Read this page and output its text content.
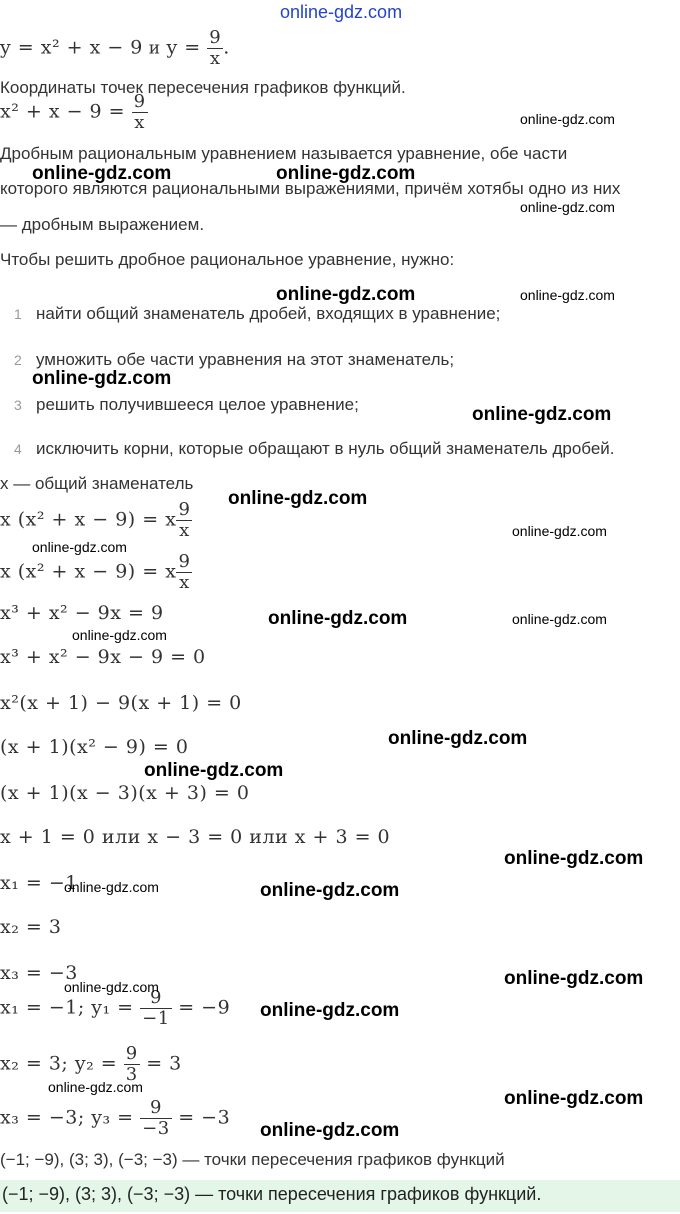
online-gdz.com
y = x² + x − 9 и $y = \frac{9}{x}$ .
Координаты точек пересечения графиков функций.
$x^2 + x - 9 = \frac{9}{x}$
Дробным рациональным уравнением называется уравнение, обе части
которого являются рациональными выражениями, причём хотябы одно из них
— дробным выражением.
Чтобы решить дробное рациональное уравнение, нужно:
1 найти общий знаменатель дробей, входящих в уравнение;
2 умножить обе части уравнения на этот знаменатель;
3 решить получившееся целое уравнение;
4 исключить корни, которые обращают в нуль общий знаменатель дробей.
x — общий знаменатель
x (x² + x − 9) = x $\frac{9}{x}$
x (x² + x − 9) = x $\frac{9}{x}$
x³ + x² − 9x = 9
x³ + x² − 9x − 9 = 0
x²(x + 1) − 9(x + 1) = 0
(x + 1)(x² − 9) = 0
(x + 1)(x − 3)(x + 3) = 0
x + 1 = 0 или x − 3 = 0 или x + 3 = 0
x₁ = −1
x₂ = 3
x₃ = −3
x₁ = −1; $y_1 = \frac{9}{-1} = -9$
x₂ = 3; $y_2 = \frac{9}{3} = 3$
x₃ = −3; $y_3 = \frac{9}{-3} = -3$
(−1; −9), (3; 3), (−3; −3) — точки пересечения графиков функций
(−1; −9), (3; 3), (−3; −3) — точки пересечения графиков функций.
online-gdz.com	online-gdz.com
online-gdz.com
online-gdz.com
online-gdz.com	online-gdz.com
online-gdz.com
online-gdz.com
online-gdz.com
online-gdz.com
online-gdz.com
online-gdz.com	online-gdz.com
online-gdz.com
online-gdz.com
online-gdz.com
online-gdz.com
online-gdz.com
online-gdz.com
online-gdz.com
online-gdz.com
online-gdz.com
online-gdz.com
online-gdz.com
online-gdz.com
